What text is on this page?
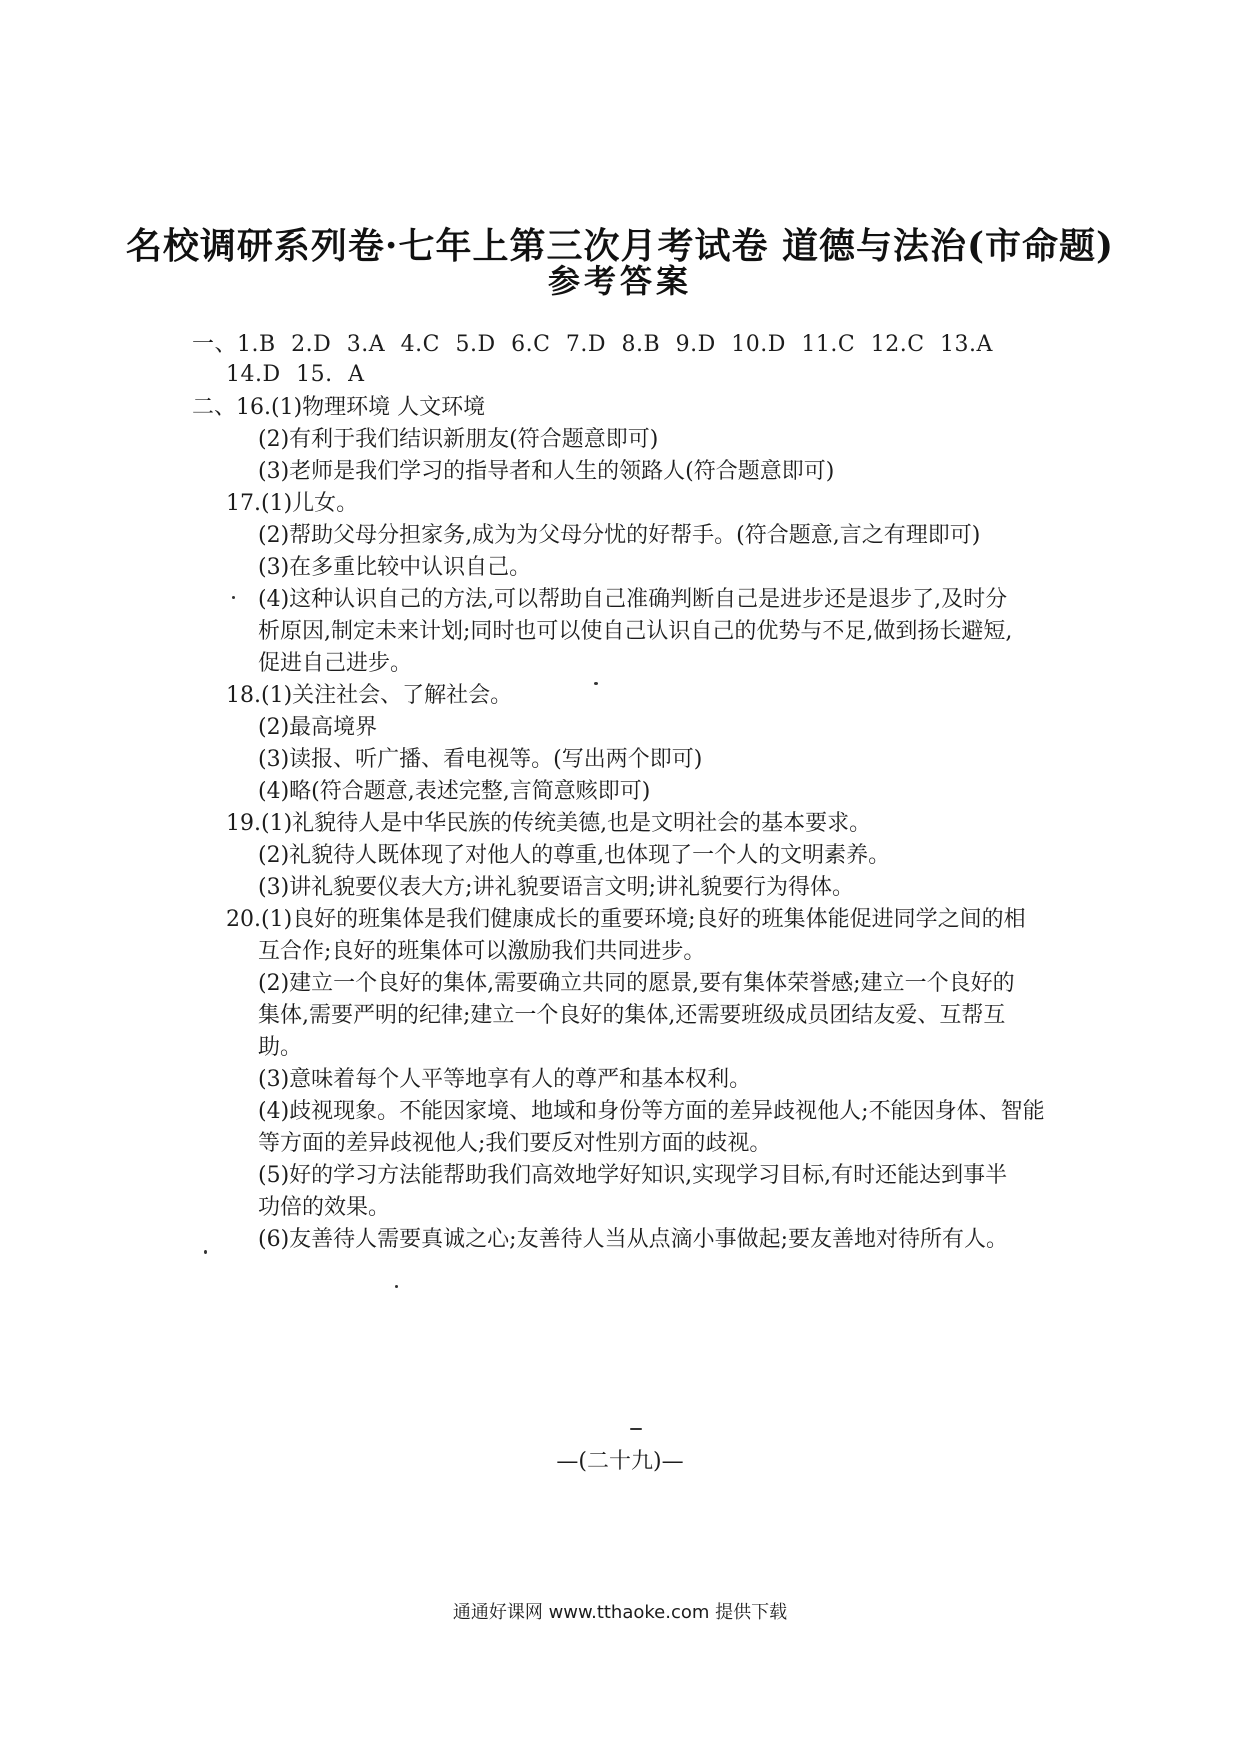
名校调研系列卷·七年上第三次月考试卷 道德与法治(市命题)
参考答案
一、1.B 2.D 3.A 4.C 5.D 6.C 7.D 8.B 9.D 10.D 11.C 12.C 13.A
14.D 15. A
二、16.(1)物理环境 人文环境
(2)有利于我们结识新朋友(符合题意即可)
(3)老师是我们学习的指导者和人生的领路人(符合题意即可)
17.(1)儿女。
(2)帮助父母分担家务,成为为父母分忧的好帮手。(符合题意,言之有理即可)
(3)在多重比较中认识自己。
(4)这种认识自己的方法,可以帮助自己准确判断自己是进步还是退步了,及时分
析原因,制定未来计划;同时也可以使自己认识自己的优势与不足,做到扬长避短,
促进自己进步。
18.(1)关注社会、了解社会。
(2)最高境界
(3)读报、听广播、看电视等。(写出两个即可)
(4)略(符合题意,表述完整,言简意赅即可)
19.(1)礼貌待人是中华民族的传统美德,也是文明社会的基本要求。
(2)礼貌待人既体现了对他人的尊重,也体现了一个人的文明素养。
(3)讲礼貌要仪表大方;讲礼貌要语言文明;讲礼貌要行为得体。
20.(1)良好的班集体是我们健康成长的重要环境;良好的班集体能促进同学之间的相
互合作;良好的班集体可以激励我们共同进步。
(2)建立一个良好的集体,需要确立共同的愿景,要有集体荣誉感;建立一个良好的
集体,需要严明的纪律;建立一个良好的集体,还需要班级成员团结友爱、互帮互
助。
(3)意味着每个人平等地享有人的尊严和基本权利。
(4)歧视现象。不能因家境、地域和身份等方面的差异歧视他人;不能因身体、智能
等方面的差异歧视他人;我们要反对性别方面的歧视。
(5)好的学习方法能帮助我们高效地学好知识,实现学习目标,有时还能达到事半
功倍的效果。
(6)友善待人需要真诚之心;友善待人当从点滴小事做起;要友善地对待所有人。
—(二十九)—
通通好课网 www.tthaoke.com 提供下载
